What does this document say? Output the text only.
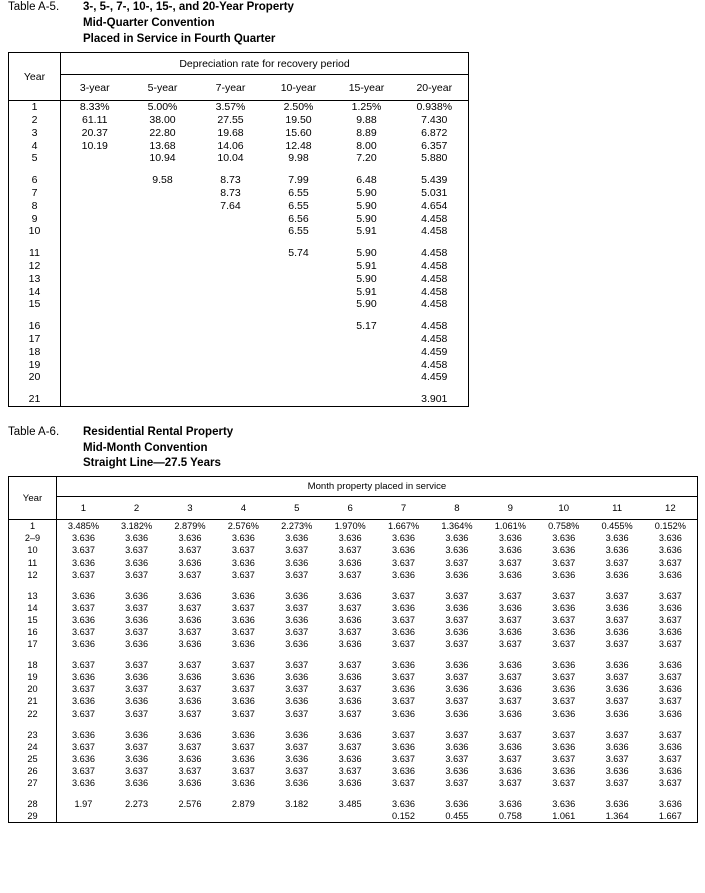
Table A-5.	3-, 5-, 7-, 10-, 15-, and 20-Year Property
Mid-Quarter Convention
Placed in Service in Fourth Quarter
Year	Depreciation rate for recovery period					
	3-year	5-year	7-year	10-year	15-year	20-year
1	8.33%	5.00%	3.57%	2.50%	1.25%	0.938%
2	61.11	38.00	27.55	19.50	9.88	7.430
3	20.37	22.80	19.68	15.60	8.89	6.872
4	10.19	13.68	14.06	12.48	8.00	6.357
5		10.94	10.04	9.98	7.20	5.880

6		9.58	8.73	7.99	6.48	5.439
7			8.73	6.55	5.90	5.031
8			7.64	6.55	5.90	4.654
9				6.56	5.90	4.458
10				6.55	5.91	4.458

11				5.74	5.90	4.458
12					5.91	4.458
13					5.90	4.458
14					5.91	4.458
15					5.90	4.458

16					5.17	4.458
17						4.458
18						4.459
19						4.458
20						4.459

21						3.901
Table A-6.	Residential Rental Property
Mid-Month Convention
Straight Line—27.5 Years
Year	Month property placed in service											
	1	2	3	4	5	6	7	8	9	10	11	12
1	3.485%	3.182%	2.879%	2.576%	2.273%	1.970%	1.667%	1.364%	1.061%	0.758%	0.455%	0.152%
2–9	3.636	3.636	3.636	3.636	3.636	3.636	3.636	3.636	3.636	3.636	3.636	3.636
10	3.637	3.637	3.637	3.637	3.637	3.637	3.636	3.636	3.636	3.636	3.636	3.636
11	3.636	3.636	3.636	3.636	3.636	3.636	3.637	3.637	3.637	3.637	3.637	3.637
12	3.637	3.637	3.637	3.637	3.637	3.637	3.636	3.636	3.636	3.636	3.636	3.636

13	3.636	3.636	3.636	3.636	3.636	3.636	3.637	3.637	3.637	3.637	3.637	3.637
14	3.637	3.637	3.637	3.637	3.637	3.637	3.636	3.636	3.636	3.636	3.636	3.636
15	3.636	3.636	3.636	3.636	3.636	3.636	3.637	3.637	3.637	3.637	3.637	3.637
16	3.637	3.637	3.637	3.637	3.637	3.637	3.636	3.636	3.636	3.636	3.636	3.636
17	3.636	3.636	3.636	3.636	3.636	3.636	3.637	3.637	3.637	3.637	3.637	3.637

18	3.637	3.637	3.637	3.637	3.637	3.637	3.636	3.636	3.636	3.636	3.636	3.636
19	3.636	3.636	3.636	3.636	3.636	3.636	3.637	3.637	3.637	3.637	3.637	3.637
20	3.637	3.637	3.637	3.637	3.637	3.637	3.636	3.636	3.636	3.636	3.636	3.636
21	3.636	3.636	3.636	3.636	3.636	3.636	3.637	3.637	3.637	3.637	3.637	3.637
22	3.637	3.637	3.637	3.637	3.637	3.637	3.636	3.636	3.636	3.636	3.636	3.636

23	3.636	3.636	3.636	3.636	3.636	3.636	3.637	3.637	3.637	3.637	3.637	3.637
24	3.637	3.637	3.637	3.637	3.637	3.637	3.636	3.636	3.636	3.636	3.636	3.636
25	3.636	3.636	3.636	3.636	3.636	3.636	3.637	3.637	3.637	3.637	3.637	3.637
26	3.637	3.637	3.637	3.637	3.637	3.637	3.636	3.636	3.636	3.636	3.636	3.636
27	3.636	3.636	3.636	3.636	3.636	3.636	3.637	3.637	3.637	3.637	3.637	3.637

28	1.97	2.273	2.576	2.879	3.182	3.485	3.636	3.636	3.636	3.636	3.636	3.636
29							0.152	0.455	0.758	1.061	1.364	1.667
